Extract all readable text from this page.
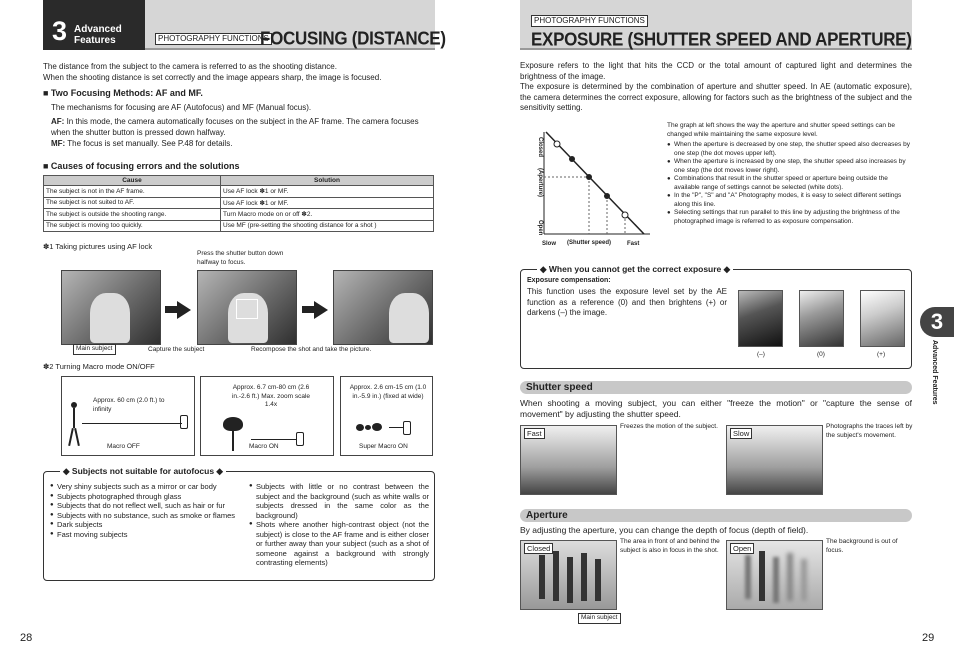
3 Advanced
Features	PHOTOGRAPHY FUNCTIONS
FOCUSING (DISTANCE)
The distance from the subject to the camera is referred to as the shooting distance.
When the shooting distance is set correctly and the image appears sharp, the image is focused.
■ Two Focusing Methods: AF and MF.
The mechanisms for focusing are AF (Autofocus) and MF (Manual focus).
AF: In this mode, the camera automatically focuses on the subject in the AF frame. The camera focuses when the shutter button is pressed down halfway.
MF: The focus is set manually. See P.48 for details.
■ Causes of focusing errors and the solutions
Cause	Solution
The subject is not in the AF frame.	Use AF lock ✽1 or MF.
The subject is not suited to AF.	Use AF lock ✽1 or MF.
The subject is outside the shooting range.	Turn Macro mode on or off ✽2.
The subject is moving too quickly.	Use MF (pre-setting the shooting distance for a shot )
✽1 Taking pictures using AF lock
Press the shutter button down halfway to focus.
Main subject	Capture the subject	Recompose the shot and take the picture.
✽2 Turning Macro mode ON/OFF
Approx. 60 cm (2.0 ft.) to infinity
Macro OFF
Approx. 6.7 cm-80 cm (2.6 in.-2.6 ft.) Max. zoom scale 1.4x
Macro ON
Approx. 2.6 cm-15 cm (1.0 in.-5.9 in.) (fixed at wide)
Super Macro ON
◆ Subjects not suitable for autofocus ◆
● Very shiny subjects such as a mirror or car body
● Subjects photographed through glass
● Subjects that do not reflect well, such as hair or fur
● Subjects with no substance, such as smoke or flames
● Dark subjects
● Fast moving subjects
● Subjects with little or no contrast between the subject and the background (such as white walls or subjects dressed in the same color as the background)
● Shots where another high-contrast object (not the subject) is close to the AF frame and is either closer or further away than your subject (such as a shot of someone against a background with strongly contrasting elements)
28
PHOTOGRAPHY FUNCTIONS
EXPOSURE (SHUTTER SPEED AND APERTURE)
Exposure refers to the light that hits the CCD or the total amount of captured light and determines the brightness of the image.
The exposure is determined by the combination of aperture and shutter speed. In AE (automatic exposure), the camera determines the correct exposure, allowing for factors such as the brightness of the subject and the sensitivity setting.
Closed
(Aperture)
Open
Slow (Shutter speed)	Fast
The graph at left shows the way the aperture and shutter speed settings can be changed while maintaining the same exposure level.
● When the aperture is decreased by one step, the shutter speed also decreases by one step (the dot moves upper left).
● When the aperture is increased by one step, the shutter speed also increases by one step (the dot moves lower right).
● Combinations that result in the shutter speed or aperture being outside the available range of settings cannot be selected (white dots).
● In the "P", "S" and "A" Photography modes, it is easy to select different settings along this line.
● Selecting settings that run parallel to this line by adjusting the brightness of the photographed image is referred to as exposure compensation.
◆ When you cannot get the correct exposure ◆
Exposure compensation:
This function uses the exposure level set by the AE function as a reference (0) and then brightens (+) or darkens (–) the image.
(–)	(0)	(+)
Shutter speed
When shooting a moving subject, you can either "freeze the motion" or "capture the sense of movement" by adjusting the shutter speed.
Fast
Freezes the motion of the subject.
Slow
Photographs the traces left by the subject's movement.
Aperture
By adjusting the aperture, you can change the depth of focus (depth of field).
Closed
The area in front of and behind the subject is also in focus in the shot.	Open
The background is out of focus.
Main subject
29
3
Advanced Features
